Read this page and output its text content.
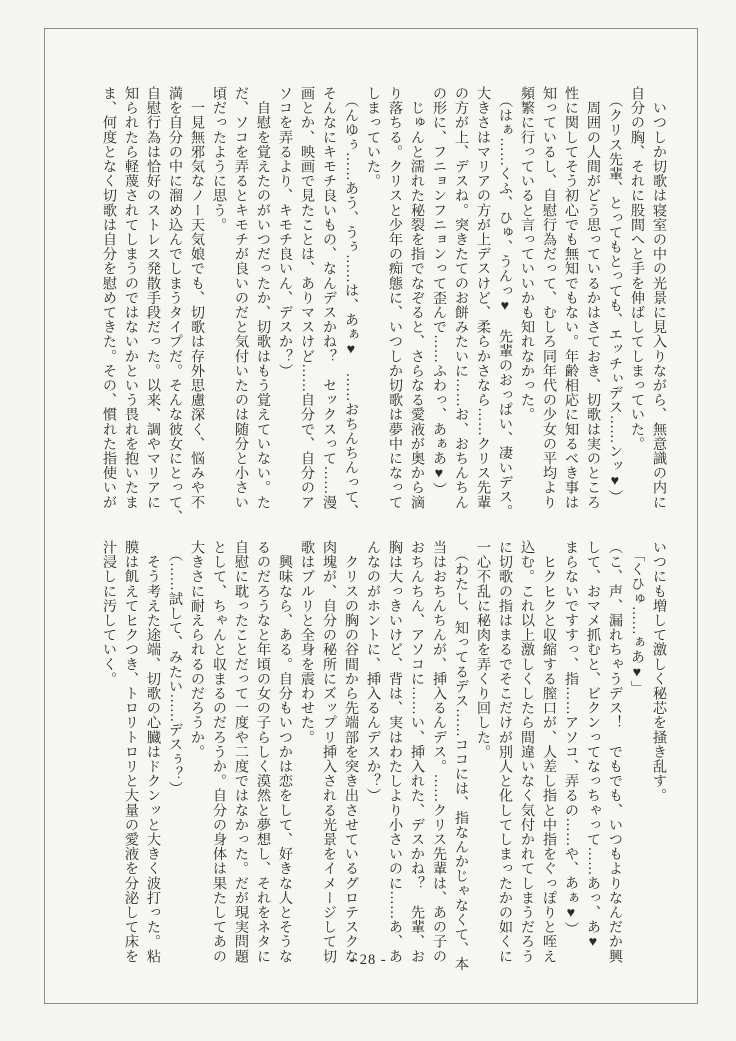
　いつしか切歌は寝室の中の光景に見入りながら、無意識の内に

自分の胸、それに股間へと手を伸ばしてしまっていた。

　（クリス先輩、とってもとっても、エッチぃデス……ンッ♥）

　周囲の人間がどう思っているかはさておき、切歌は実のところ

性に関してそう初心でも無知でもない。年齢相応に知るべき事は

知っているし、自慰行為だって、むしろ同年代の少女の平均より

頻繁に行っていると言っていいかも知れなかった。

　（はぁ……くふ、ひゅ、うんっ♥　先輩のおっぱい、凄いデス。

大きさはマリアの方が上デスけど、柔らかさなら……クリス先輩

の方が上、デスね。突きたてのお餅みたいに……お、おちんちん

の形に、フニョンフニョンって歪んで……ふわっ、あぁあ♥）

　じゅんと濡れた秘裂を指でなぞると、さらなる愛液が奥から滴

り落ちる。クリスと少年の痴態に、いつしか切歌は夢中になって

しまっていた。

　（んゆぅ……あう、うぅ……は、あぁ♥　……おちんちんって、

そんなにキモチ良いもの、なんデスかね？　セックスって……漫

画とか、映画で見たことは、ありマスけど……自分で、自分のア

ソコを弄るより、キモチ良いん、デスか？）

　自慰を覚えたのがいつだったか、切歌はもう覚えていない。た

だ、ソコを弄るとキモチが良いのだと気付いたのは随分と小さい

頃だったように思う。

　一見無邪気なノー天気娘でも、切歌は存外思慮深く、悩みや不

満を自分の中に溜め込んでしまうタイプだ。そんな彼女にとって、

自慰行為は恰好のストレス発散手段だった。以来、調やマリアに

知られたら軽蔑されてしまうのではないかという畏れを抱いたま

ま、何度となく切歌は自分を慰めてきた。その、慣れた指使いが

いつにも増して激しく秘芯を掻き乱す。

　「くひゅ……ぁあ♥」

（こ、声、漏れちゃうデス！　でもでも、いつもよりなんだか興

して、おマメ抓むと、ビクンってなっちゃって……あっ、あ♥

まらないですすっ、指……アソコ、弄るの……や、あぁ♥）

　ヒクヒクと収縮する膣口が、人差し指と中指をぐっぽりと咥え

込む。これ以上激しくしたら間違いなく気付かれてしまうだろう

に切歌の指はまるでそこだけが別人と化してしまったかの如くに

一心不乱に秘肉を弄くり回した。

　（わたし、知ってるデス……ココには、指なんかじゃなくて、本

当はおちんちんが、挿入るんデス。……クリス先輩は、あの子の

おちんちん、アソコに……い、挿入れた、デスかね？　先輩、お

胸は大っきいけど、背は、実はわたしより小さいのに……あ、あ

んなのがホントに、挿入るんデスか？）

　クリスの胸の谷間から先端部を突き出させているグロテスクな

肉塊が、自分の秘所にズップリ挿入される光景をイメージして切

歌はブルリと全身を震わせた。

　興味なら、ある。自分もいつかは恋をして、好きな人とそうな

るのだろうなと年頃の女の子らしく漠然と夢想し、それをネタに

自慰に耽ったことだって一度や二度ではなかった。だが現実問題

として、ちゃんと収まるのだろうか。自分の身体は果たしてあの

大きさに耐えられるのだろうか。

　（……試して、みたい……デスぅ？）

　そう考えた途端、切歌の心臓はドクンッと大きく波打った。粘

膜は飢えてヒクつき、トロリトロリと大量の愛液を分泌して床を

汁浸しに汚していく。

- 28 -
